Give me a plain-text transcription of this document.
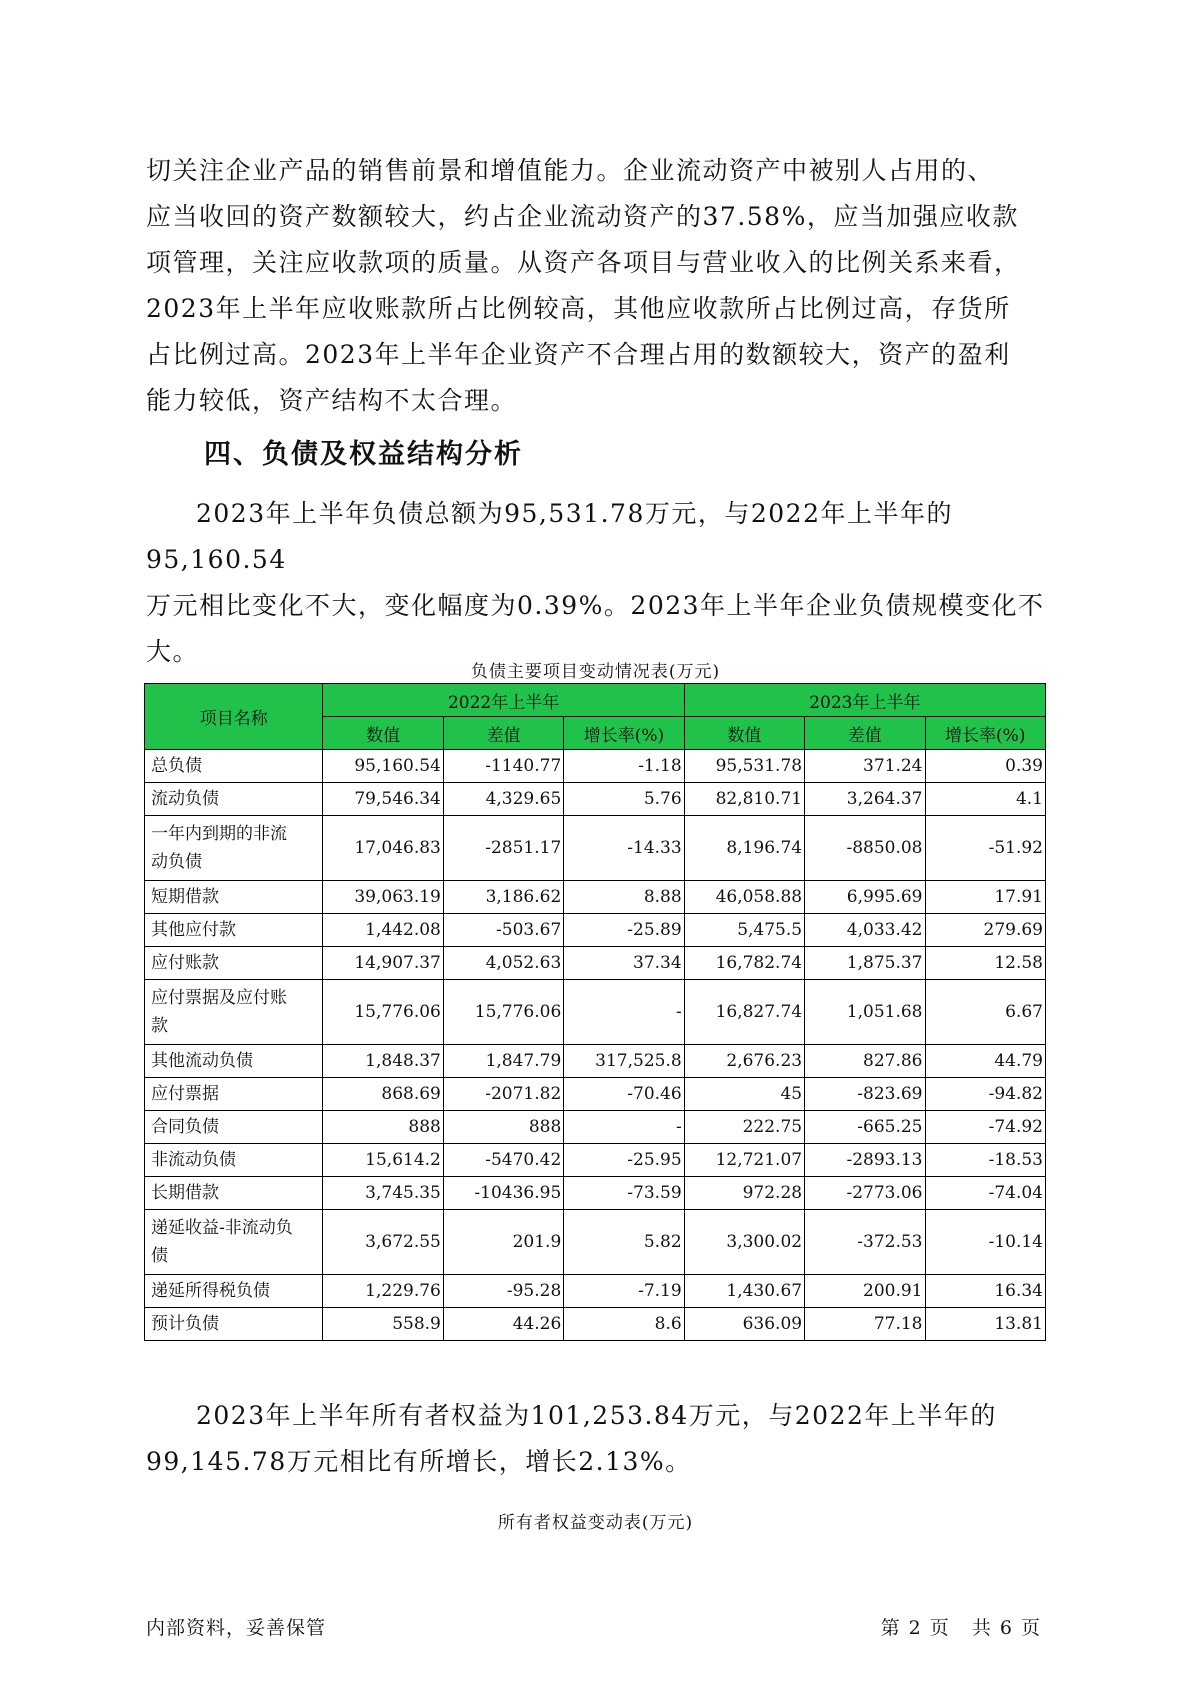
切关注企业产品的销售前景和增值能力。企业流动资产中被别人占用的、

应当收回的资产数额较大，约占企业流动资产的37.58%，应当加强应收款

项管理，关注应收款项的质量。从资产各项目与营业收入的比例关系来看，

2023年上半年应收账款所占比例较高，其他应收款所占比例过高，存货所

占比例过高。2023年上半年企业资产不合理占用的数额较大，资产的盈利

能力较低，资产结构不太合理。

四、负债及权益结构分析

2023年上半年负债总额为95,531.78万元，与2022年上半年的95,160.54

万元相比变化不大，变化幅度为0.39%。2023年上半年企业负债规模变化不

大。

负债主要项目变动情况表(万元)

项目名称	2022年上半年			2023年上半年		
	数值	差值	增长率(%)	数值	差值	增长率(%)

总负债	95,160.54	-1140.77	-1.18	95,531.78	371.24	0.39

流动负债	79,546.34	4,329.65	5.76	82,810.71	3,264.37	4.1

一年内到期的非流
动负债	17,046.83	-2851.17	-14.33	8,196.74	-8850.08	-51.92

短期借款	39,063.19	3,186.62	8.88	46,058.88	6,995.69	17.91

其他应付款	1,442.08	-503.67	-25.89	5,475.5	4,033.42	279.69

应付账款	14,907.37	4,052.63	37.34	16,782.74	1,875.37	12.58

应付票据及应付账
款	15,776.06	15,776.06	-	16,827.74	1,051.68	6.67

其他流动负债	1,848.37	1,847.79	317,525.8	2,676.23	827.86	44.79

应付票据	868.69	-2071.82	-70.46	45	-823.69	-94.82

合同负债	888	888	-	222.75	-665.25	-74.92

非流动负债	15,614.2	-5470.42	-25.95	12,721.07	-2893.13	-18.53

长期借款	3,745.35	-10436.95	-73.59	972.28	-2773.06	-74.04

递延收益-非流动负
债	3,672.55	201.9	5.82	3,300.02	-372.53	-10.14

递延所得税负债	1,229.76	-95.28	-7.19	1,430.67	200.91	16.34

预计负债	558.9	44.26	8.6	636.09	77.18	13.81

2023年上半年所有者权益为101,253.84万元，与2022年上半年的

99,145.78万元相比有所增长，增长2.13%。

所有者权益变动表(万元)

内部资料，妥善保管	第 2 页 共 6 页
